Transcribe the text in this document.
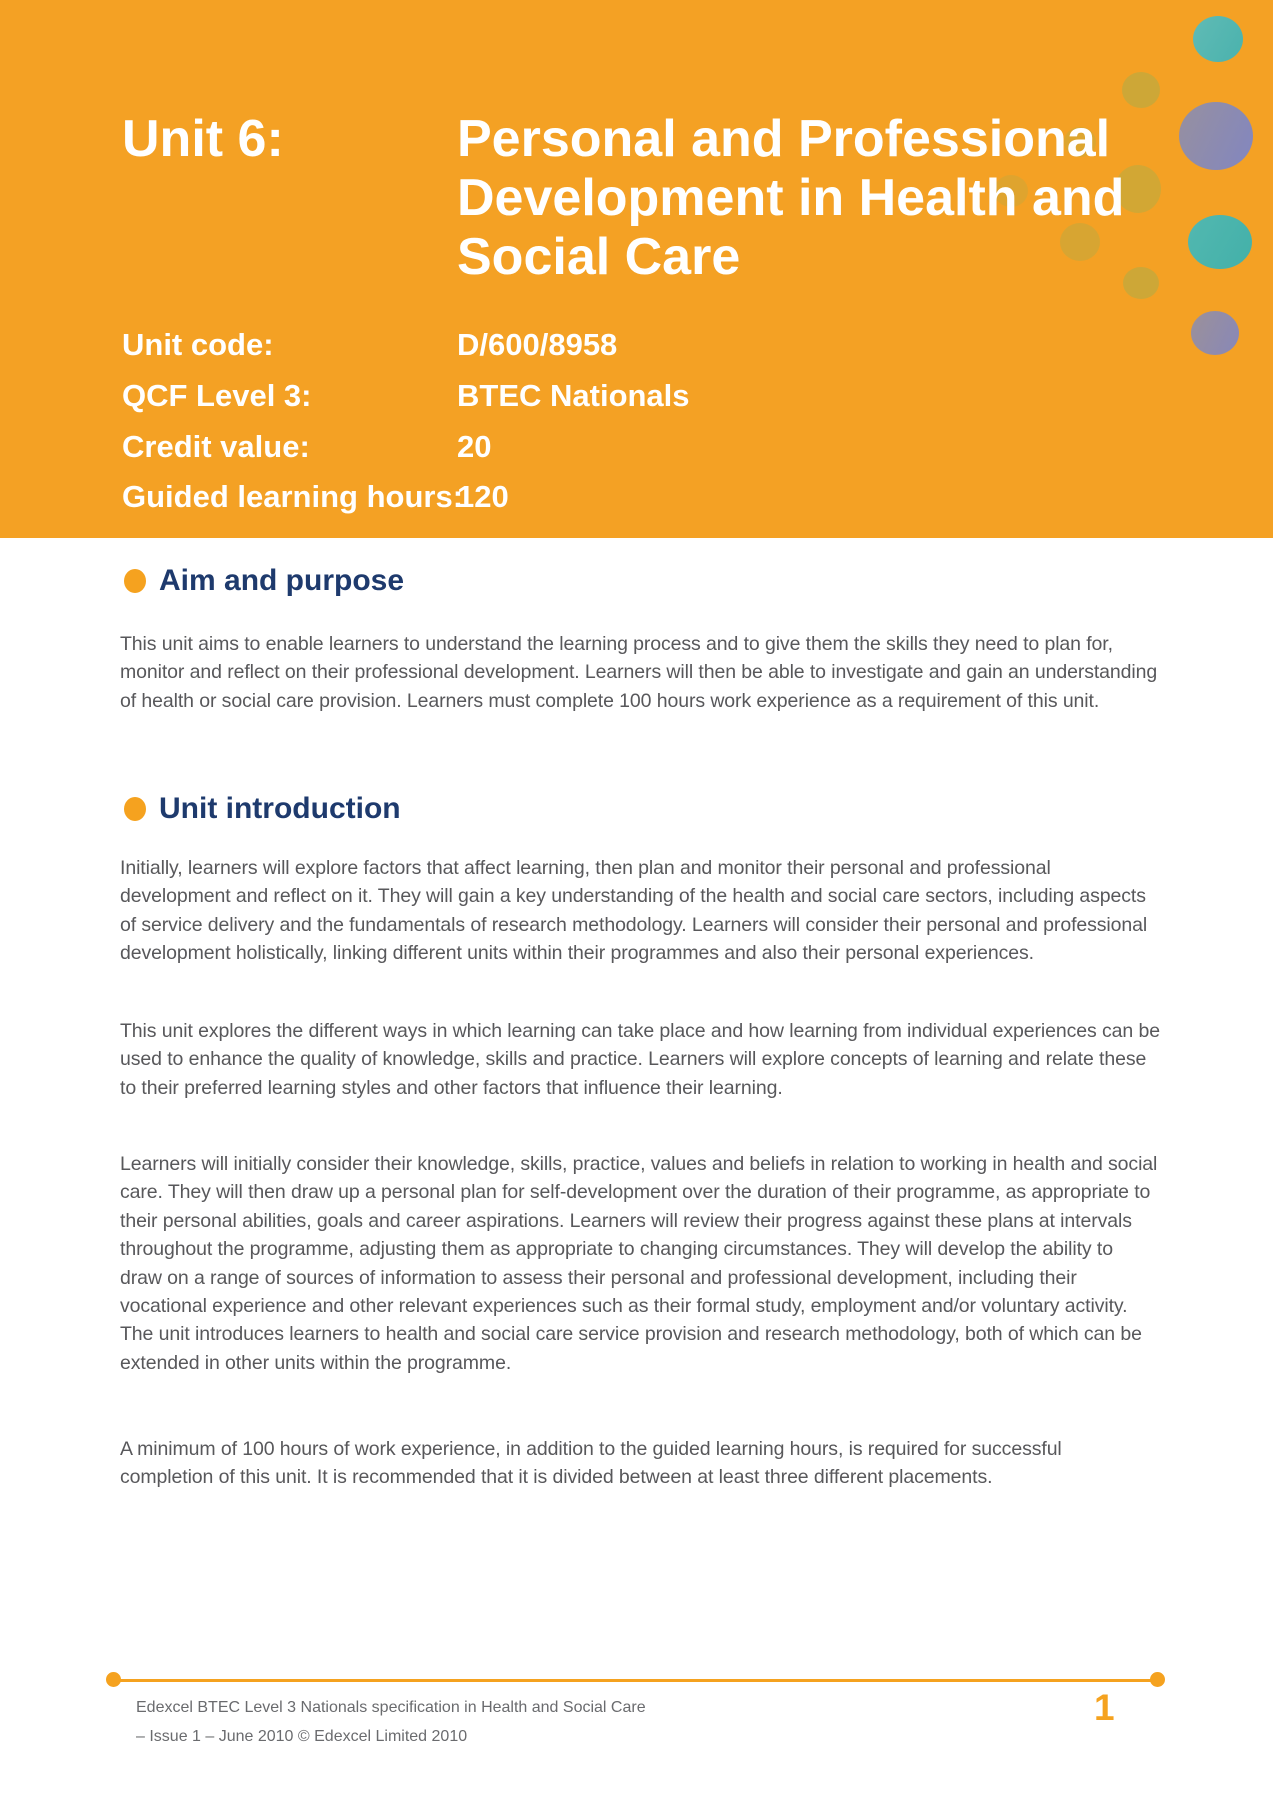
Unit 6:	Personal and Professional
Development in Health and
Social Care
Unit code:	D/600/8958
QCF Level 3:	BTEC Nationals
Credit value:	20
Guided learning hours:
120
Aim and purpose
This unit aims to enable learners to understand the learning process and to give them the skills they need to plan for, monitor and reflect on their professional development. Learners will then be able to investigate and gain an understanding of health or social care provision. Learners must complete 100 hours work experience as a requirement of this unit.
Unit introduction
Initially, learners will explore factors that affect learning, then plan and monitor their personal and professional development and reflect on it. They will gain a key understanding of the health and social care sectors, including aspects of service delivery and the fundamentals of research methodology. Learners will consider their personal and professional development holistically, linking different units within their programmes and also their personal experiences.
This unit explores the different ways in which learning can take place and how learning from individual experiences can be used to enhance the quality of knowledge, skills and practice. Learners will explore concepts of learning and relate these to their preferred learning styles and other factors that influence their learning.
Learners will initially consider their knowledge, skills, practice, values and beliefs in relation to working in health and social care. They will then draw up a personal plan for self-development over the duration of their programme, as appropriate to their personal abilities, goals and career aspirations. Learners will review their progress against these plans at intervals throughout the programme, adjusting them as appropriate to changing circumstances. They will develop the ability to draw on a range of sources of information to assess their personal and professional development, including their vocational experience and other relevant experiences such as their formal study, employment and/or voluntary activity. The unit introduces learners to health and social care service provision and research methodology, both of which can be extended in other units within the programme.
A minimum of 100 hours of work experience, in addition to the guided learning hours, is required for successful completion of this unit. It is recommended that it is divided between at least three different placements.
Edexcel BTEC Level 3 Nationals specification in Health and Social Care
– Issue 1 – June 2010 © Edexcel Limited 2010
1
